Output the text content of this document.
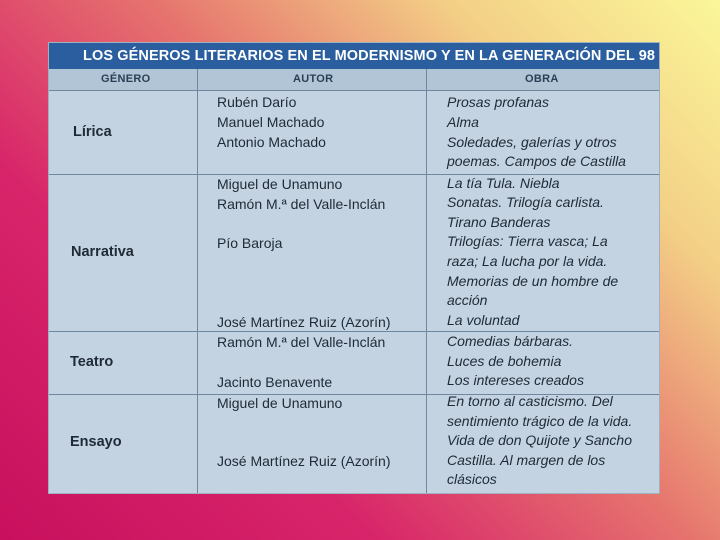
LOS GÉNEROS LITERARIOS EN EL MODERNISMO Y EN LA GENERACIÓN DEL 98
GÉNERO	AUTOR	OBRA
Lírica
Narrativa
Teatro
Ensayo
Rubén Darío
Manuel Machado
Antonio Machado
Miguel de Unamuno
Ramón M.ª del Valle-Inclán
Pío Baroja
José Martínez Ruiz (Azorín)
Ramón M.ª del Valle-Inclán
Jacinto Benavente
Miguel de Unamuno
José Martínez Ruiz (Azorín)
Prosas profanas
Alma
Soledades, galerías y otros
poemas. Campos de Castilla
La tía Tula. Niebla
Sonatas. Trilogía carlista.
Tirano Banderas
Trilogías: Tierra vasca; La
raza; La lucha por la vida.
Memorias de un hombre de
acción
La voluntad
Comedias bárbaras.
Luces de bohemia
Los intereses creados
En torno al casticismo. Del
sentimiento trágico de la vida.
Vida de don Quijote y Sancho
Castilla. Al margen de los
clásicos
